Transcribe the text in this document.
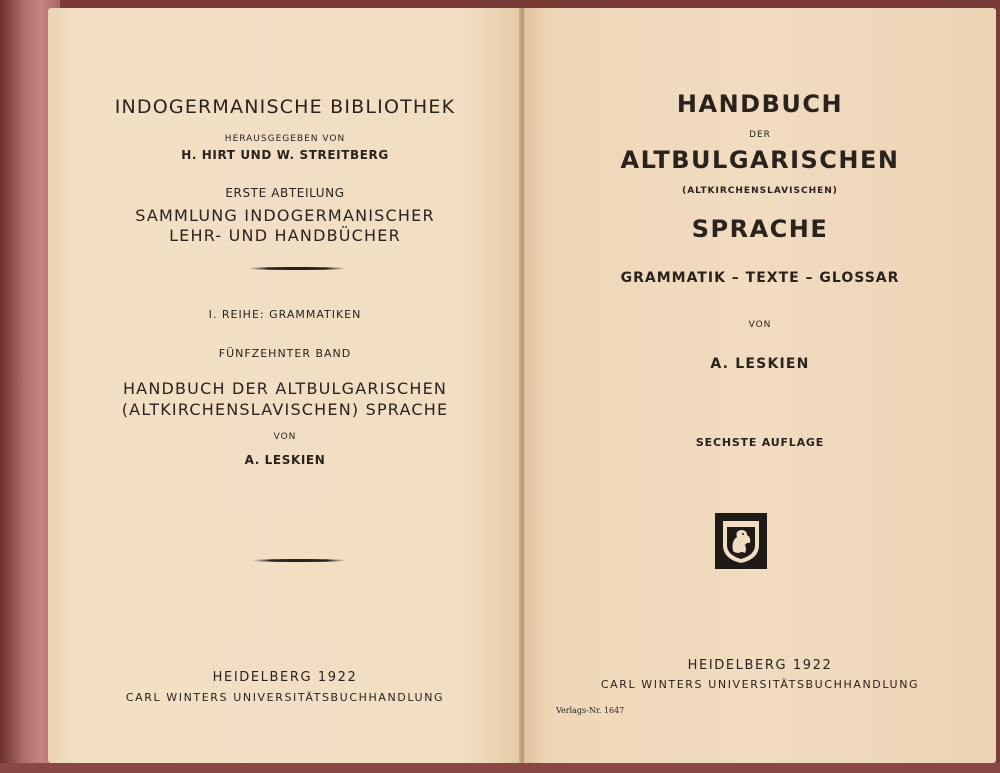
INDOGERMANISCHE BIBLIOTHEK
HERAUSGEGEBEN VON
H. HIRT UND W. STREITBERG
ERSTE ABTEILUNG
SAMMLUNG INDOGERMANISCHER
LEHR- UND HANDBÜCHER
I. REIHE: GRAMMATIKEN
FÜNFZEHNTER BAND
HANDBUCH DER ALTBULGARISCHEN
(ALTKIRCHENSLAVISCHEN) SPRACHE
VON
A. LESKIEN
HEIDELBERG 1922
CARL WINTERS UNIVERSITÄTSBUCHHANDLUNG
HANDBUCH
DER
ALTBULGARISCHEN
(ALTKIRCHENSLAVISCHEN)
SPRACHE
GRAMMATIK – TEXTE – GLOSSAR
VON
A. LESKIEN
SECHSTE AUFLAGE
HEIDELBERG 1922
CARL WINTERS UNIVERSITÄTSBUCHHANDLUNG
Verlags-Nr. 1647
